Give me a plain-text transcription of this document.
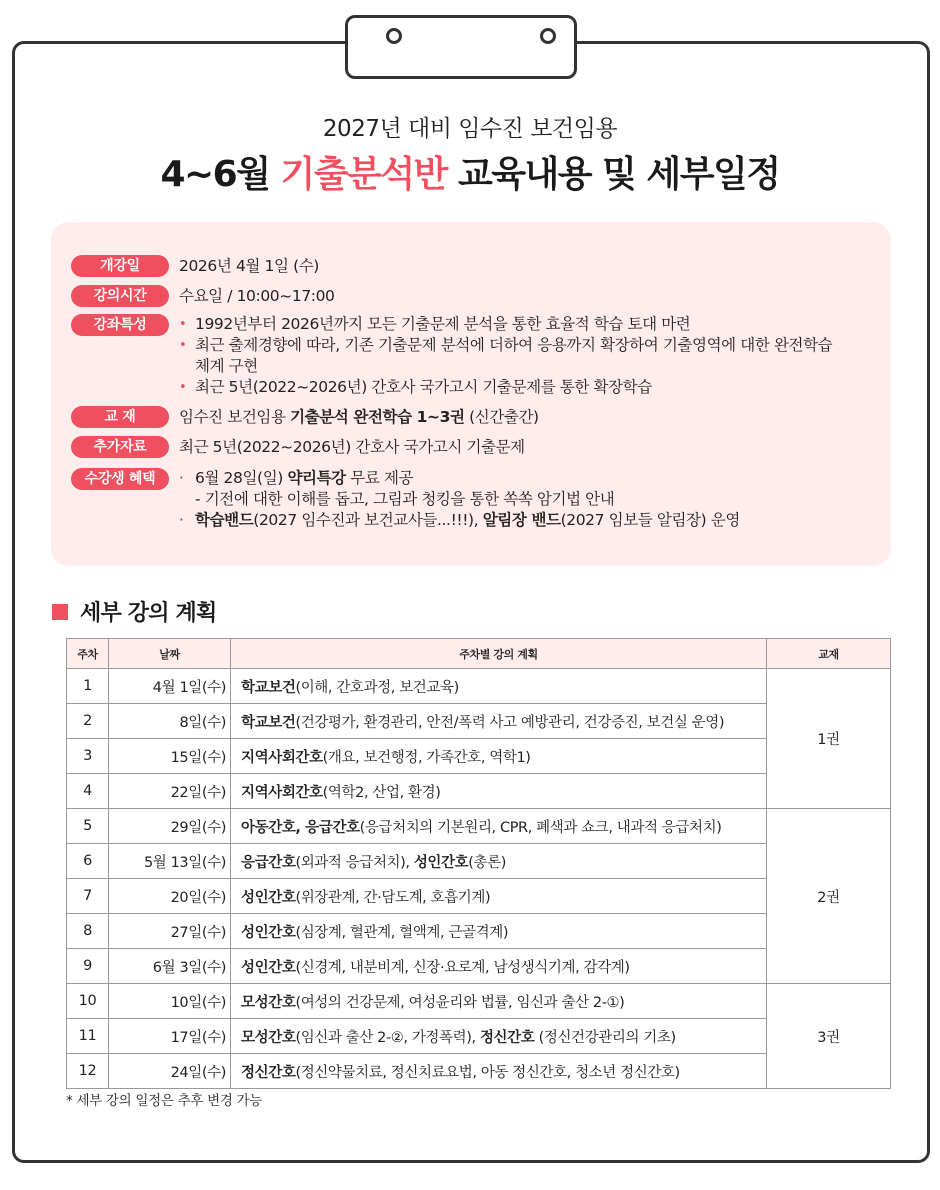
2027년 대비 임수진 보건임용
4~6월 기출분석반 교육내용 및 세부일정
개강일	2026년 4월 1일 (수)
강의시간	수요일 / 10:00~17:00
강좌특성	• 1992년부터 2026년까지 모든 기출문제 분석을 통한 효율적 학습 토대 마련
• 최근 출제경향에 따라, 기존 기출문제 분석에 더하여 응용까지 확장하여 기출영역에 대한 완전학습
체계 구현
• 최근 5년(2022~2026년) 간호사 국가고시 기출문제를 통한 확장학습
교 재	임수진 보건임용 기출분석 완전학습 1~3권 (신간출간)
추가자료	최근 5년(2022~2026년) 간호사 국가고시 기출문제
수강생 혜택	· 6월 28일(일) 약리특강 무료 제공
- 기전에 대한 이해를 돕고, 그림과 청킹을 통한 쏙쏙 암기법 안내
· 학습밴드(2027 임수진과 보건교사들...!!!), 알림장 밴드(2027 임보들 알림장) 운영
세부 강의 계획
주차	날짜	주차별 강의 계획	교재
1	4월 1일(수)	학교보건(이해, 간호과정, 보건교육)	1권
2	8일(수)	학교보건(건강평가, 환경관리, 안전/폭력 사고 예방관리, 건강증진, 보건실 운영)	
3	15일(수)	지역사회간호(개요, 보건행정, 가족간호, 역학1)	
4	22일(수)	지역사회간호(역학2, 산업, 환경)	
5	29일(수)	아동간호, 응급간호(응급처치의 기본원리, CPR, 폐색과 쇼크, 내과적 응급처치)	2권
6	5월 13일(수)	응급간호(외과적 응급처치), 성인간호(총론)	
7	20일(수)	성인간호(위장관계, 간·담도계, 호흡기계)	
8	27일(수)	성인간호(심장계, 혈관계, 혈액계, 근골격계)	
9	6월 3일(수)	성인간호(신경계, 내분비계, 신장·요로계, 남성생식기계, 감각계)	
10	10일(수)	모성간호(여성의 건강문제, 여성윤리와 법률, 임신과 출산 2-①)	3권
11	17일(수)	모성간호(임신과 출산 2-②, 가정폭력), 정신간호 (정신건강관리의 기초)	
12	24일(수)	정신간호(정신약물치료, 정신치료요법, 아동 정신간호, 청소년 정신간호)	
* 세부 강의 일정은 추후 변경 가능
